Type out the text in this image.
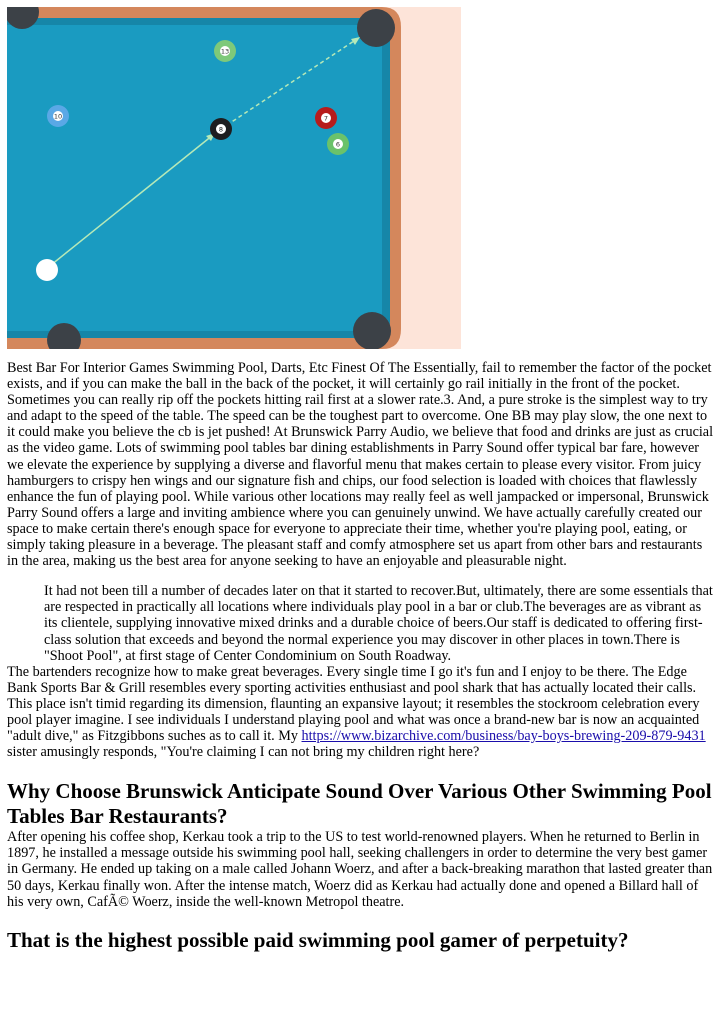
13
10
8
7
6

Best Bar For Interior Games Swimming Pool, Darts, Etc Finest Of The Essentially, fail to remember the factor of the pocket exists, and if you can make the ball in the back of the pocket, it will certainly go rail initially in the front of the pocket. Sometimes you can really rip off the pockets hitting rail first at a slower rate.3. And, a pure stroke is the simplest way to try and adapt to the speed of the table. The speed can be the toughest part to overcome. One BB may play slow, the one next to it could make you believe the cb is jet pushed! At Brunswick Parry Audio, we believe that food and drinks are just as crucial as the video game. Lots of swimming pool tables bar dining establishments in Parry Sound offer typical bar fare, however we elevate the experience by supplying a diverse and flavorful menu that makes certain to please every visitor. From juicy hamburgers to crispy hen wings and our signature fish and chips, our food selection is loaded with choices that flawlessly enhance the fun of playing pool. While various other locations may really feel as well jampacked or impersonal, Brunswick Parry Sound offers a large and inviting ambience where you can genuinely unwind. We have actually carefully created our space to make certain there's enough space for everyone to appreciate their time, whether you're playing pool, eating, or simply taking pleasure in a beverage. The pleasant staff and comfy atmosphere set us apart from other bars and restaurants in the area, making us the best area for anyone seeking to have an enjoyable and pleasurable night.

It had not been till a number of decades later on that it started to recover.But, ultimately, there are some essentials that are respected in practically all locations where individuals play pool in a bar or club.The beverages are as vibrant as its clientele, supplying innovative mixed drinks and a durable choice of beers.Our staff is dedicated to offering first-class solution that exceeds and beyond the normal experience you may discover in other places in town.There is "Shoot Pool", at first stage of Center Condominium on South Roadway.

The bartenders recognize how to make great beverages. Every single time I go it's fun and I enjoy to be there. The Edge Bank Sports Bar & Grill resembles every sporting activities enthusiast and pool shark that has actually located their calls. This place isn't timid regarding its dimension, flaunting an expansive layout; it resembles the stockroom celebration every pool player imagine. I see individuals I understand playing pool and what was once a brand-new bar is now an acquainted "adult dive," as Fitzgibbons suches as to call it. My https://www.bizarchive.com/business/bay-boys-brewing-209-879-9431 sister amusingly responds, "You're claiming I can not bring my children right here?

Why Choose Brunswick Anticipate Sound Over Various Other Swimming Pool Tables Bar Restaurants?

After opening his coffee shop, Kerkau took a trip to the US to test world-renowned players. When he returned to Berlin in 1897, he installed a message outside his swimming pool hall, seeking challengers in order to determine the very best gamer in Germany. He ended up taking on a male called Johann Woerz, and after a back-breaking marathon that lasted greater than 50 days, Kerkau finally won. After the intense match, Woerz did as Kerkau had actually done and opened a Billard hall of his very own, CafÃ© Woerz, inside the well-known Metropol theatre.

That is the highest possible paid swimming pool gamer of perpetuity?
